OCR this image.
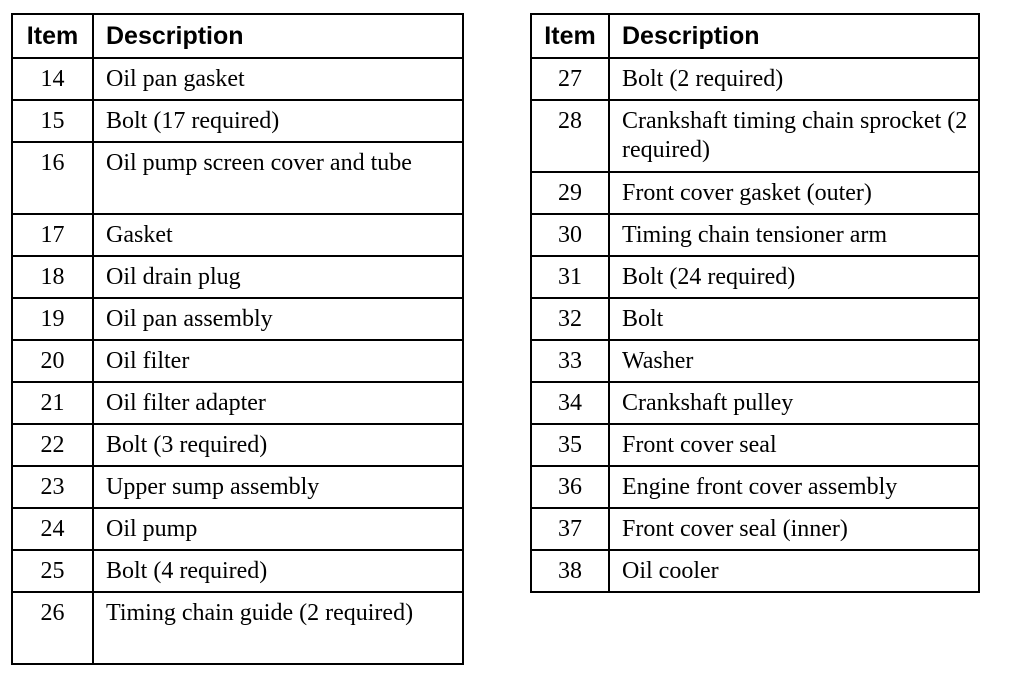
Item	Description
14	Oil pan gasket
15	Bolt (17 required)
16	Oil pump screen cover and tube
17	Gasket
18	Oil drain plug
19	Oil pan assembly
20	Oil filter
21	Oil filter adapter
22	Bolt (3 required)
23	Upper sump assembly
24	Oil pump
25	Bolt (4 required)
26	Timing chain guide (2 required)
Item	Description
27	Bolt (2 required)
28	Crankshaft timing chain sprocket (2 required)
29	Front cover gasket (outer)
30	Timing chain tensioner arm
31	Bolt (24 required)
32	Bolt
33	Washer
34	Crankshaft pulley
35	Front cover seal
36	Engine front cover assembly
37	Front cover seal (inner)
38	Oil cooler
